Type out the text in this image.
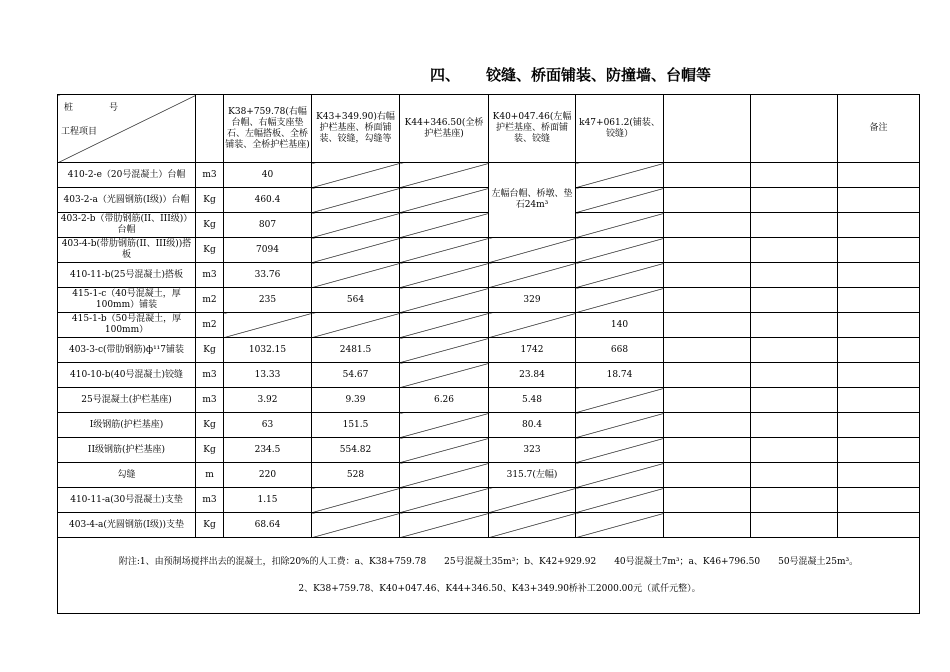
四、 铰缝、桥面铺装、防撞墙、台帽等
桩 号
工程项目		K38+759.78(右幅台帽、右幅支座垫石、左幅搭板、全桥铺装、全桥护栏基座)	K43+349.90)右幅护栏基座、桥面铺装、铰缝，勾缝等	K44+346.50(全桥护栏基座)	K40+047.46(左幅护栏基座、桥面铺装、铰缝	k47+061.2(铺装、铰缝）			备注
410-2-e（20号混凝土）台帽	m3	40			左幅台帽、桥墩、垫石24m³				
403-2-a（光圆钢筋(I级)）台帽	Kg	460.4							
403-2-b（带肋钢筋(II、III级)）台帽	Kg	807							
403-4-b(带肋钢筋(II、III级))搭板	Kg	7094							
410-11-b(25号混凝土)搭板	m3	33.76							
415-1-c（40号混凝土，厚100mm）铺装	m2	235	564		329				
415-1-b（50号混凝土，厚100mm）	m2					140			
403-3-c(带肋钢筋)ф¹¹7铺装	Kg	1032.15	2481.5		1742	668			
410-10-b(40号混凝土)铰缝	m3	13.33	54.67		23.84	18.74			
25号混凝土(护栏基座)	m3	3.92	9.39	6.26	5.48				
I级钢筋(护栏基座)	Kg	63	151.5		80.4				
II级钢筋(护栏基座)	Kg	234.5	554.82		323				
勾缝	m	220	528		315.7(左幅)				
410-11-a(30号混凝土)支垫	m3	1.15							
403-4-a(光圆钢筋(I级))支垫	Kg	68.64							

附注:1、由预制场搅拌出去的混凝土，扣除20%的人工费：a、K38+759.78　　25号混凝土35m³；b、K42+929.92　　40号混凝土7m³；a、K46+796.50　　50号混凝土25m³。
2、K38+759.78、K40+047.46、K44+346.50、K43+349.90桥补工2000.00元（贰仟元整）。									
